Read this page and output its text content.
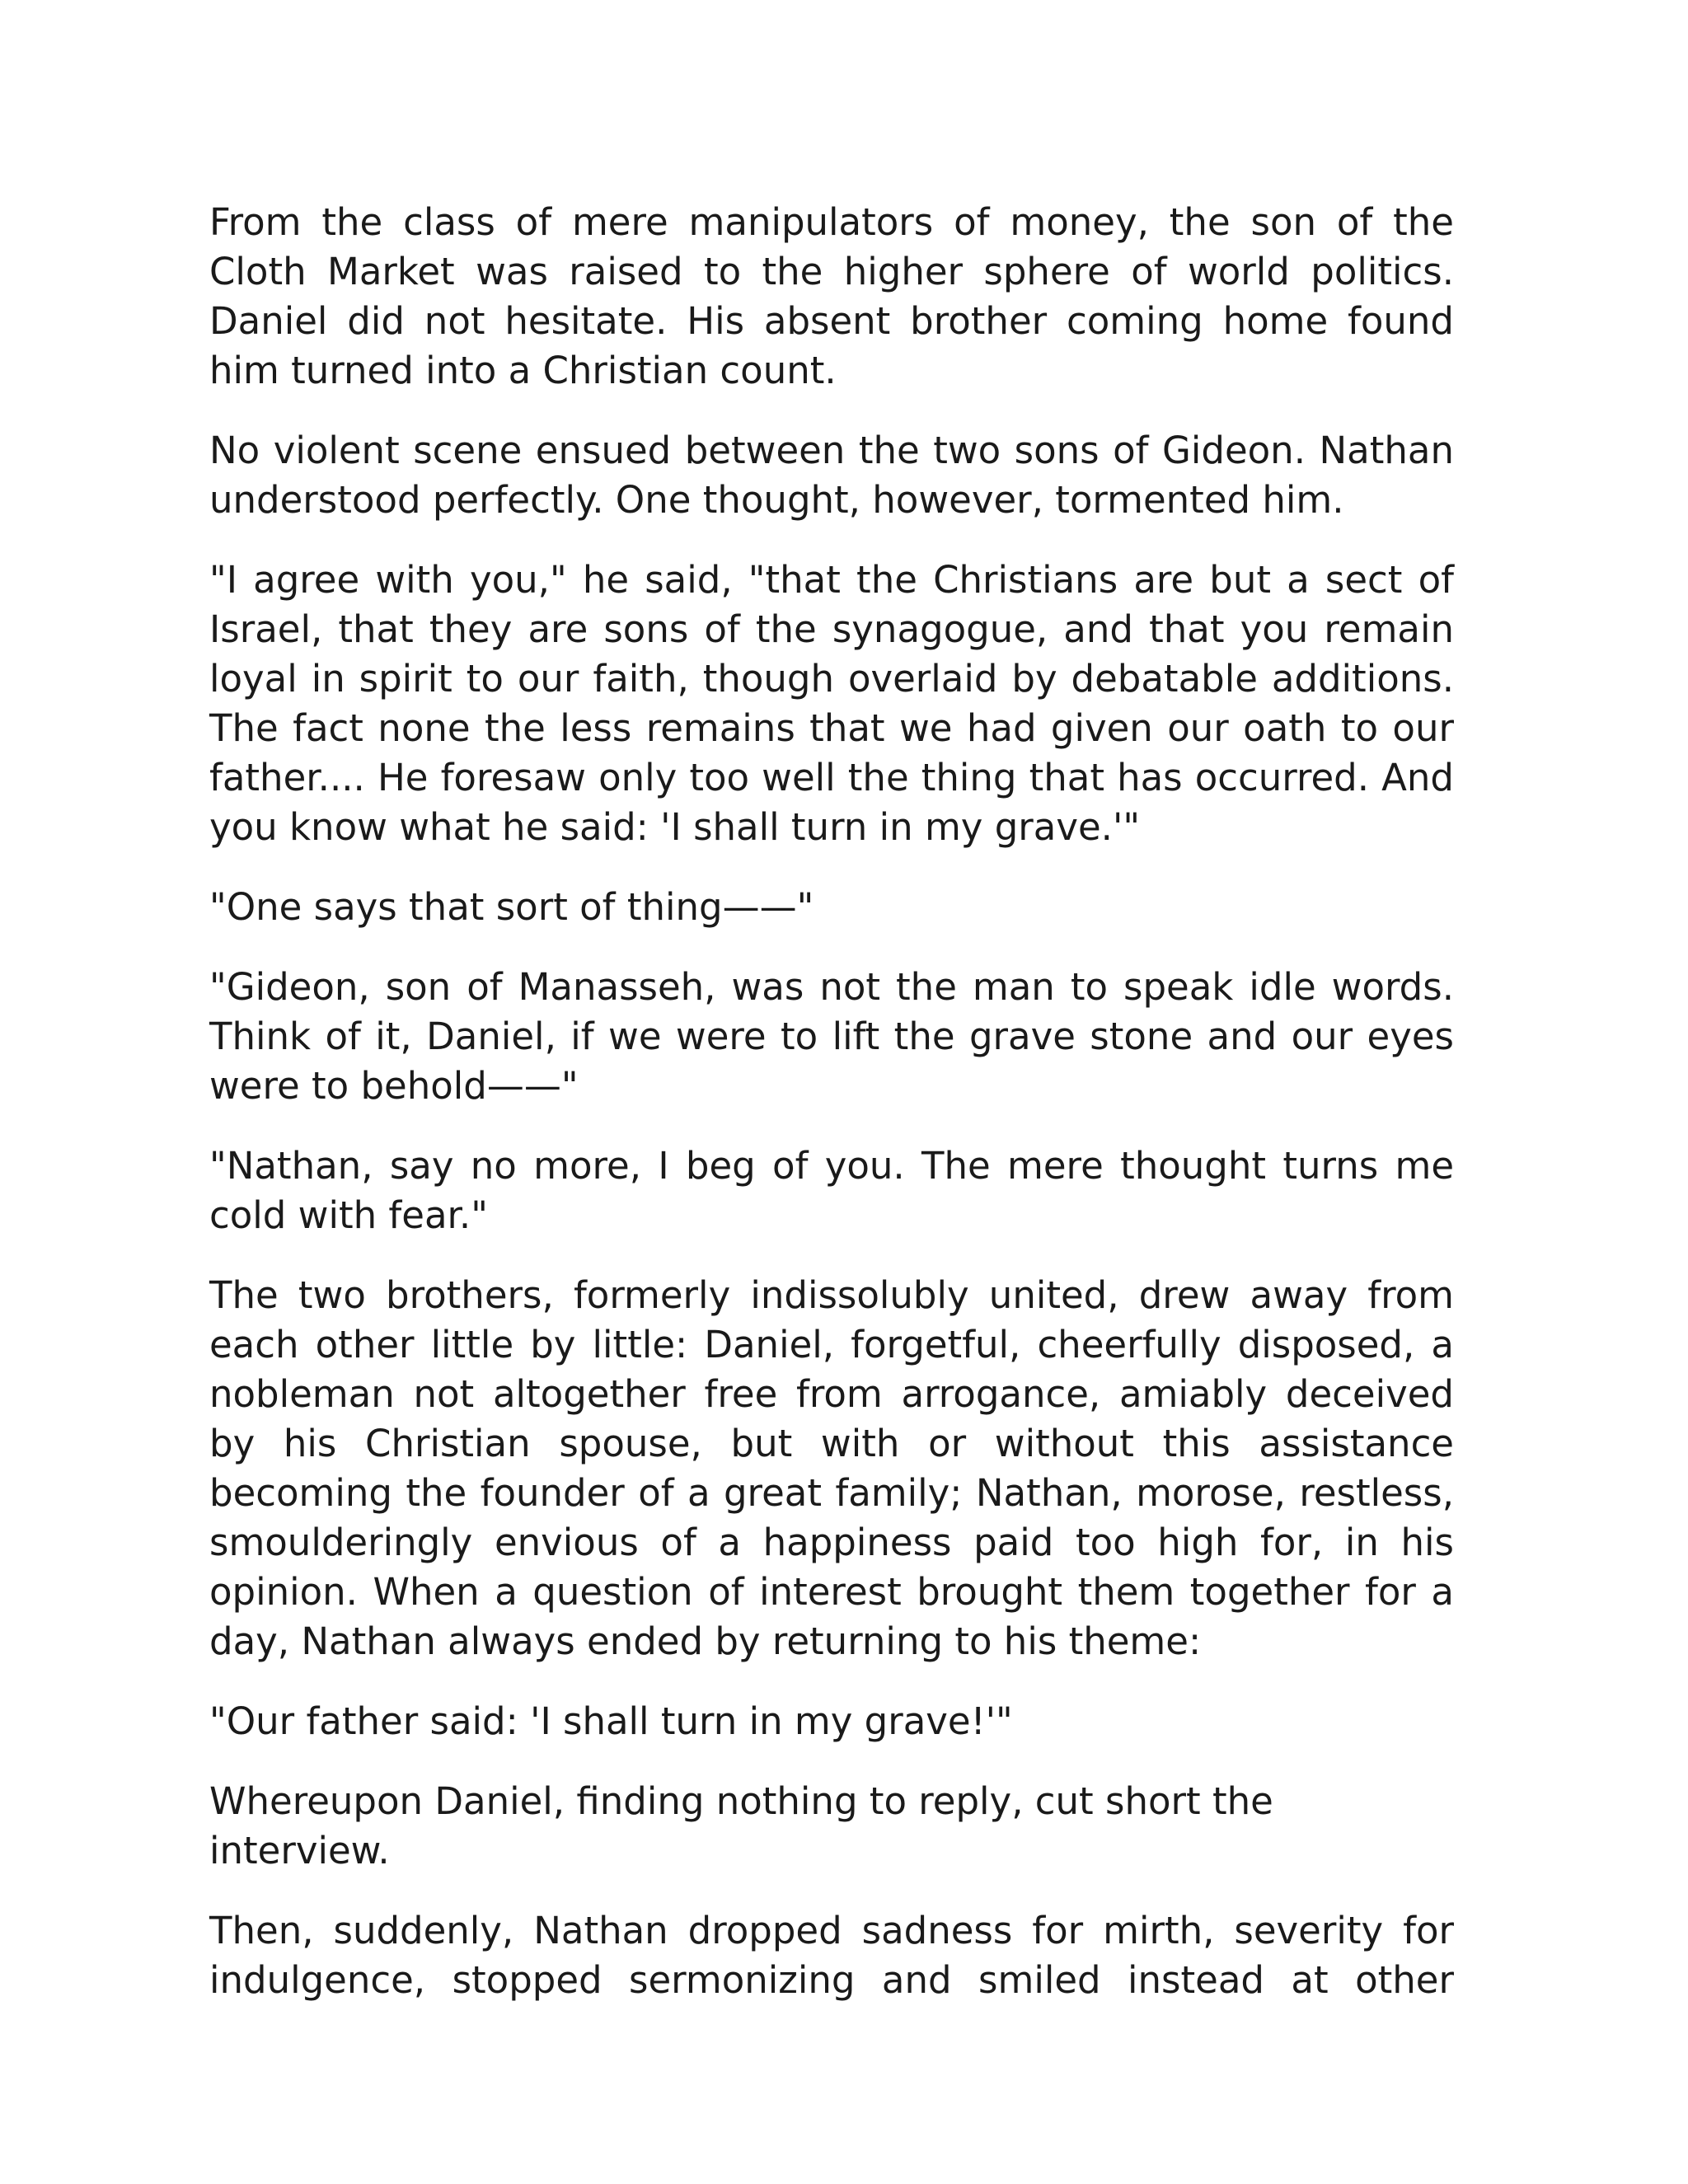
From the class of mere manipulators of money, the son of the Cloth Market was raised to the higher sphere of world politics. Daniel did not hesitate. His absent brother coming home found him turned into a Christian count.

No violent scene ensued between the two sons of Gideon. Nathan understood perfectly. One thought, however, tormented him.

"I agree with you," he said, "that the Christians are but a sect of Israel, that they are sons of the synagogue, and that you remain loyal in spirit to our faith, though overlaid by debatable additions. The fact none the less remains that we had given our oath to our father.... He foresaw only too well the thing that has occurred. And you know what he said: 'I shall turn in my grave.'"

"One says that sort of thing——"

"Gideon, son of Manasseh, was not the man to speak idle words. Think of it, Daniel, if we were to lift the grave stone and our eyes were to behold——"

"Nathan, say no more, I beg of you. The mere thought turns me cold with fear."

The two brothers, formerly indissolubly united, drew away from each other little by little: Daniel, forgetful, cheerfully disposed, a nobleman not altogether free from arrogance, amiably deceived by his Christian spouse, but with or without this assistance becoming the founder of a great family; Nathan, morose, restless, smoulderingly envious of a happiness paid too high for, in his opinion. When a question of interest brought them together for a day, Nathan always ended by returning to his theme:

"Our father said: 'I shall turn in my grave!'"

Whereupon Daniel, finding nothing to reply, cut short the interview.

Then, suddenly, Nathan dropped sadness for mirth, severity for indulgence, stopped sermonizing and smiled instead at other
